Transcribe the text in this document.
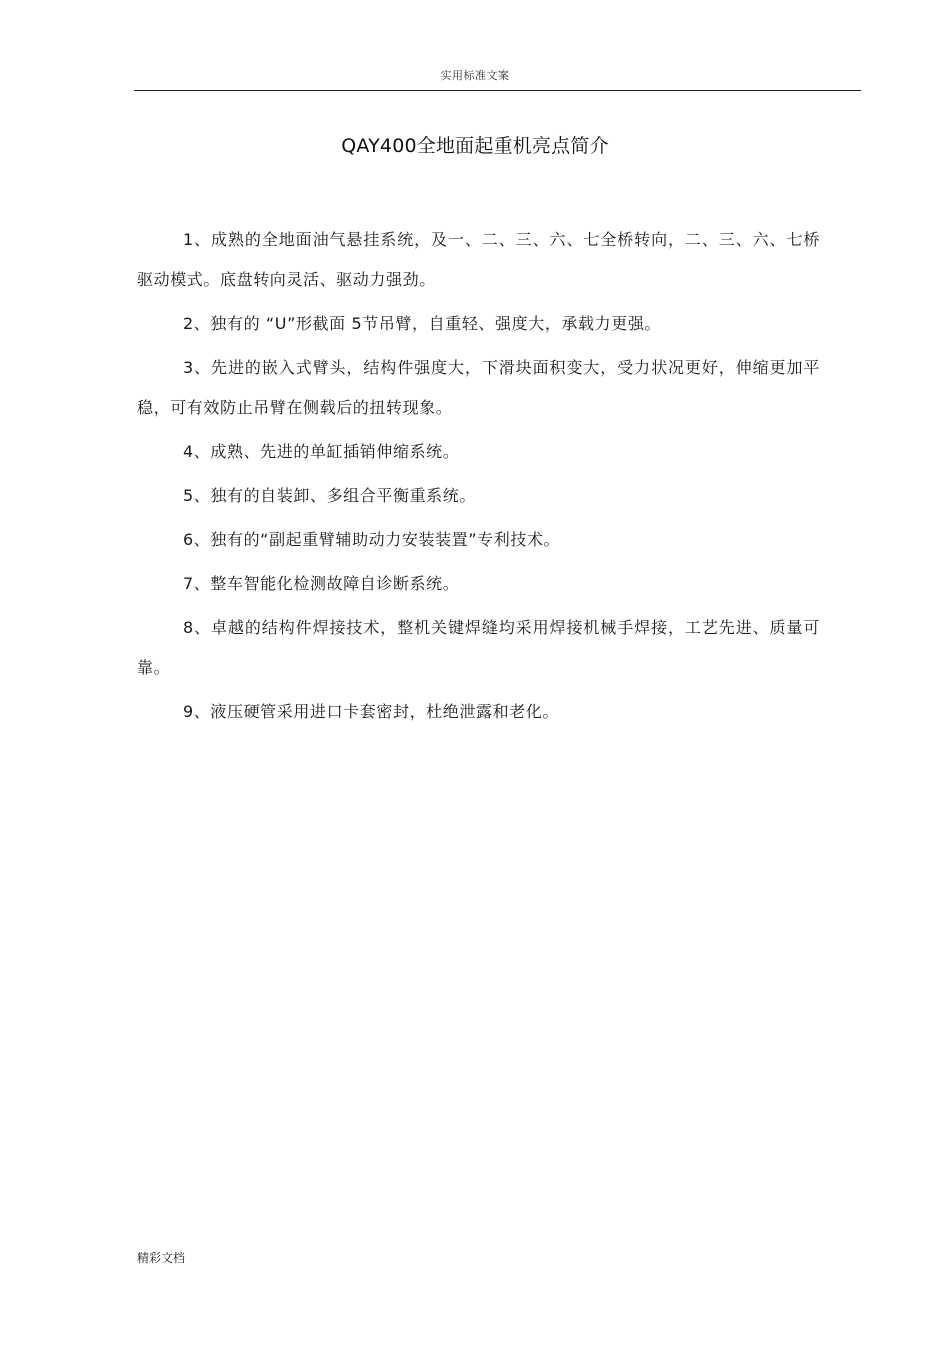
实用标准文案
QAY400全地面起重机亮点简介

1、成熟的全地面油气悬挂系统，及一、二、三、六、七全桥转向，二、三、六、七桥驱动模式。底盘转向灵活、驱动力强劲。

2、独有的 “U”形截面 5节吊臂，自重轻、强度大，承载力更强。

3、先进的嵌入式臂头，结构件强度大，下滑块面积变大，受力状况更好，伸缩更加平稳，可有效防止吊臂在侧载后的扭转现象。

4、成熟、先进的单缸插销伸缩系统。

5、独有的自装卸、多组合平衡重系统。

6、独有的“副起重臂辅助动力安装装置”专利技术。

7、整车智能化检测故障自诊断系统。

8、卓越的结构件焊接技术，整机关键焊缝均采用焊接机械手焊接，工艺先进、质量可靠。

9、液压硬管采用进口卡套密封，杜绝泄露和老化。

精彩文档
